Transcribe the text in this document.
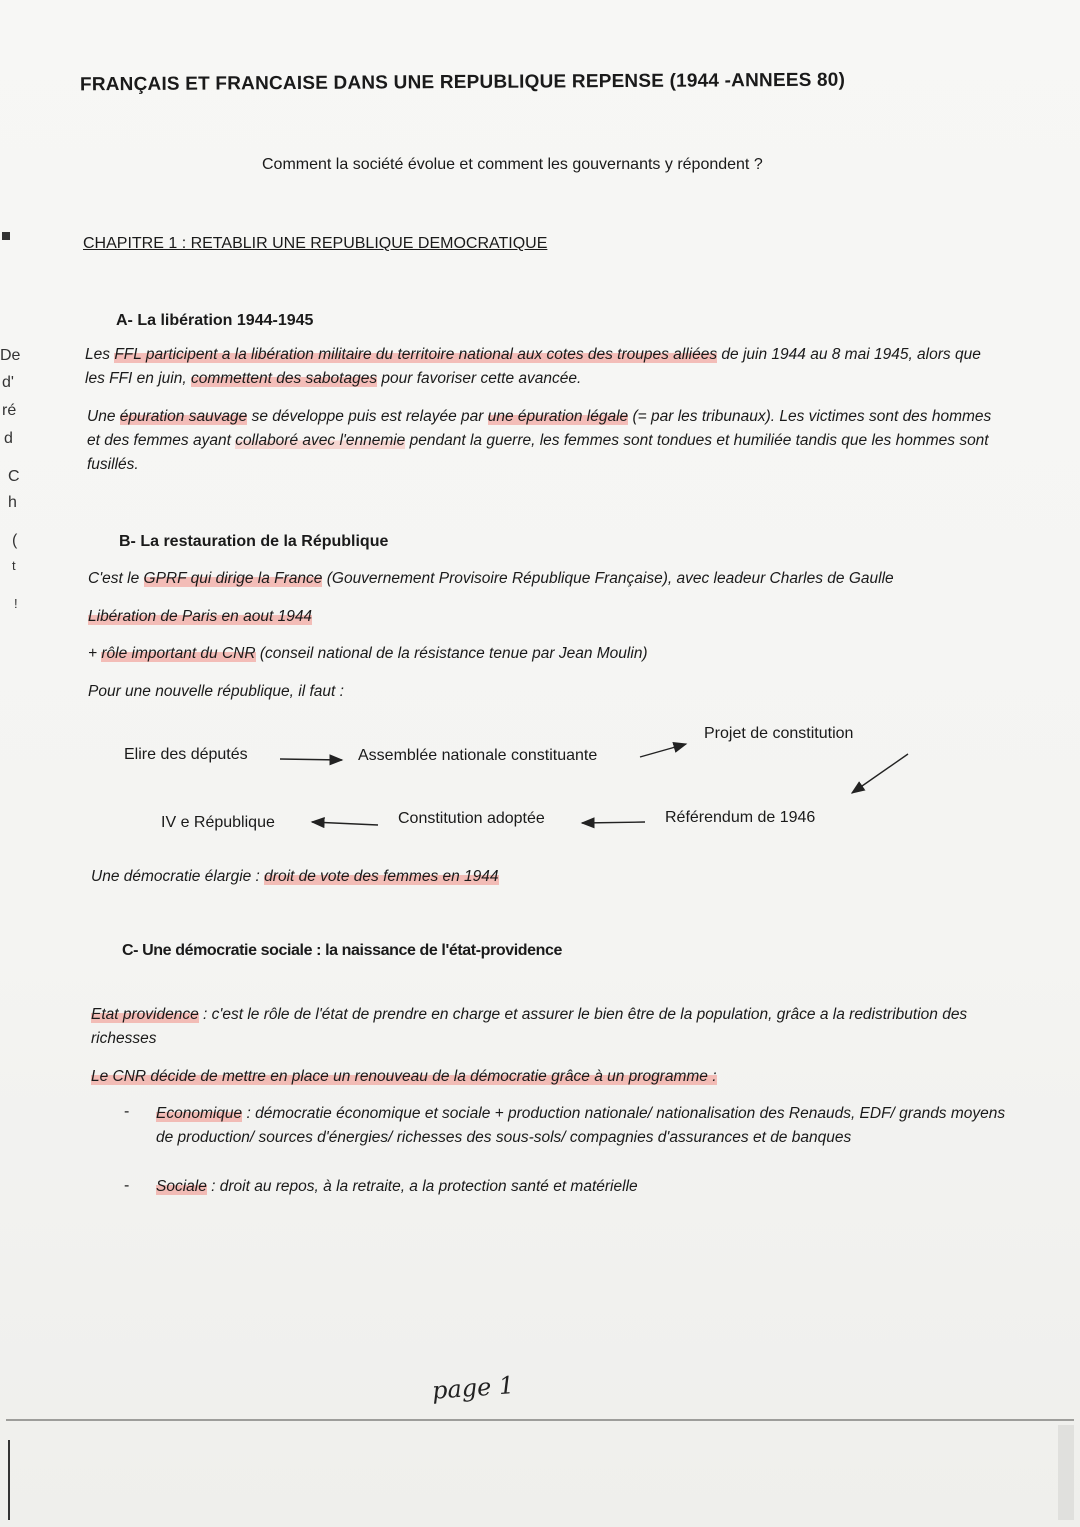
De
d'
ré
d
C
h
(
t
!
FRANÇAIS ET FRANCAISE DANS UNE REPUBLIQUE REPENSE (1944 -ANNEES 80)
Comment la société évolue et comment les gouvernants y répondent ?
CHAPITRE 1 : RETABLIR UNE REPUBLIQUE DEMOCRATIQUE
A- La libération 1944-1945
Les FFL participent a la libération militaire du territoire national aux cotes des troupes alliées de juin 1944 au 8 mai 1945, alors que les FFI en juin, commettent des sabotages pour favoriser cette avancée.
Une épuration sauvage se développe puis est relayée par une épuration légale (= par les tribunaux). Les victimes sont des hommes et des femmes ayant collaboré avec l'ennemie pendant la guerre, les femmes sont tondues et humiliée tandis que les hommes sont fusillés.
B- La restauration de la République
C'est le GPRF qui dirige la France (Gouvernement Provisoire République Française), avec leadeur Charles de Gaulle
Libération de Paris en aout 1944
+ rôle important du CNR (conseil national de la résistance tenue par Jean Moulin)
Pour une nouvelle république, il faut :
Elire des députés	Assemblée nationale constituante
Projet de constitution
Référendum de 1946
Constitution adoptée
IV e République
Une démocratie élargie : droit de vote des femmes en 1944
C- Une démocratie sociale : la naissance de l'état-providence
Etat providence : c'est le rôle de l'état de prendre en charge et assurer le bien être de la population, grâce a la redistribution des richesses
Le CNR décide de mettre en place un renouveau de la démocratie grâce à un programme :
- Economique : démocratie économique et sociale + production nationale/ nationalisation des Renauds, EDF/ grands moyens de production/ sources d'énergies/ richesses des sous-sols/ compagnies d'assurances et de banques
- Sociale : droit au repos, à la retraite, a la protection santé et matérielle
page 1
